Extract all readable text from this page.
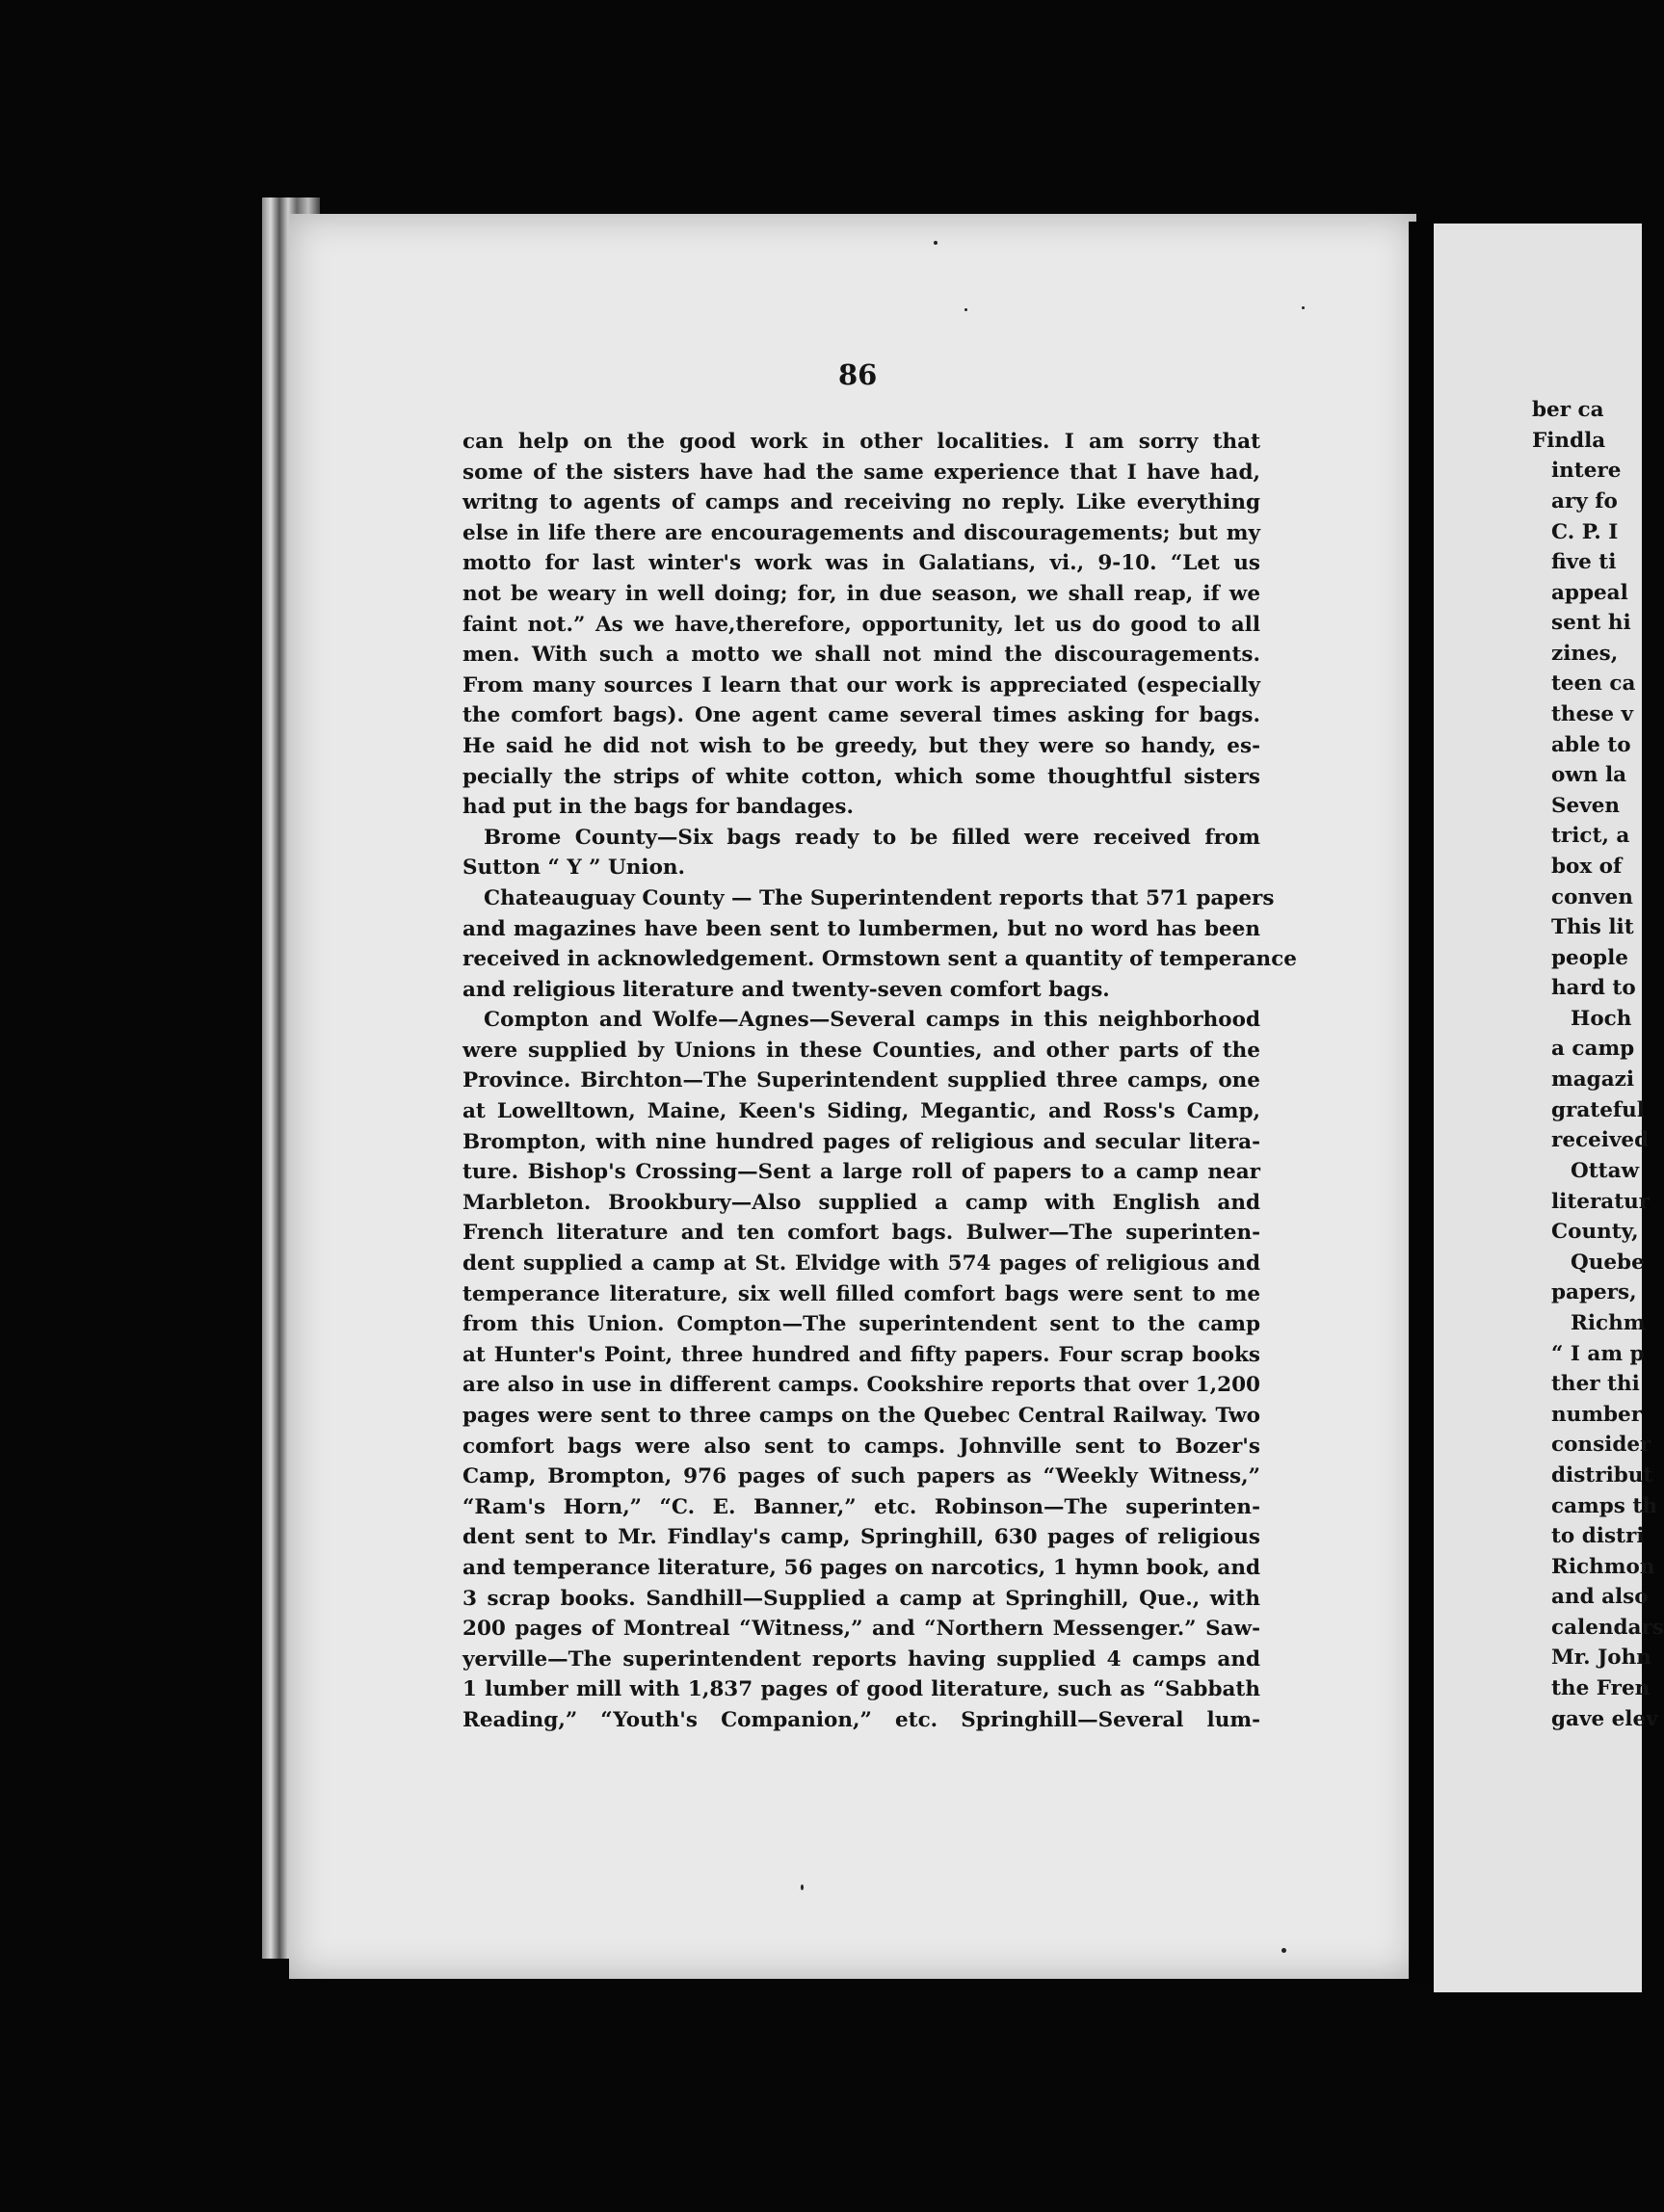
86
can help on the good work in other localities. I am sorry that
some of the sisters have had the same experience that I have had,
writng to agents of camps and receiving no reply. Like everything
else in life there are encouragements and discouragements; but my
motto for last winter's work was in Galatians, vi., 9-10. “Let us
not be weary in well doing; for, in due season, we shall reap, if we
faint not.” As we have,therefore, opportunity, let us do good to all
men. With such a motto we shall not mind the discouragements.
From many sources I learn that our work is appreciated (especially
the comfort bags). One agent came several times asking for bags.
He said he did not wish to be greedy, but they were so handy, es-
pecially the strips of white cotton, which some thoughtful sisters
had put in the bags for bandages.
Brome County—Six bags ready to be filled were received from
Sutton “ Y ” Union.
Chateauguay County — The Superintendent reports that 571 papers
and magazines have been sent to lumbermen, but no word has been
received in acknowledgement. Ormstown sent a quantity of temperance
and religious literature and twenty-seven comfort bags.
Compton and Wolfe—Agnes—Several camps in this neighborhood
were supplied by Unions in these Counties, and other parts of the
Province. Birchton—The Superintendent supplied three camps, one
at Lowelltown, Maine, Keen's Siding, Megantic, and Ross's Camp,
Brompton, with nine hundred pages of religious and secular litera-
ture. Bishop's Crossing—Sent a large roll of papers to a camp near
Marbleton. Brookbury—Also supplied a camp with English and
French literature and ten comfort bags. Bulwer—The superinten-
dent supplied a camp at St. Elvidge with 574 pages of religious and
temperance literature, six well filled comfort bags were sent to me
from this Union. Compton—The superintendent sent to the camp
at Hunter's Point, three hundred and fifty papers. Four scrap books
are also in use in different camps. Cookshire reports that over 1,200
pages were sent to three camps on the Quebec Central Railway. Two
comfort bags were also sent to camps. Johnville sent to Bozer's
Camp, Brompton, 976 pages of such papers as “Weekly Witness,”
“Ram's Horn,” “C. E. Banner,” etc. Robinson—The superinten-
dent sent to Mr. Findlay's camp, Springhill, 630 pages of religious
and temperance literature, 56 pages on narcotics, 1 hymn book, and
3 scrap books. Sandhill—Supplied a camp at Springhill, Que., with
200 pages of Montreal “Witness,” and “Northern Messenger.” Saw-
yerville—The superintendent reports having supplied 4 camps and
1 lumber mill with 1,837 pages of good literature, such as “Sabbath
Reading,” “Youth's Companion,” etc. Springhill—Several lum-
ber ca
Findla
intere
ary fo
C. P. I
five ti
appeal
sent hi
zines,
teen ca
these v
able to
own la
Seven
trict, a
box of
conven
This lit
people
hard to
Hoch
a camp
magazi
grateful
received
Ottaw
literatur
County,
Quebe
papers,
Richm
“ I am p
ther thi
number
consider
distribut
camps th
to distri
Richmon
and also
calendars
Mr. John
the Fren
gave elev
